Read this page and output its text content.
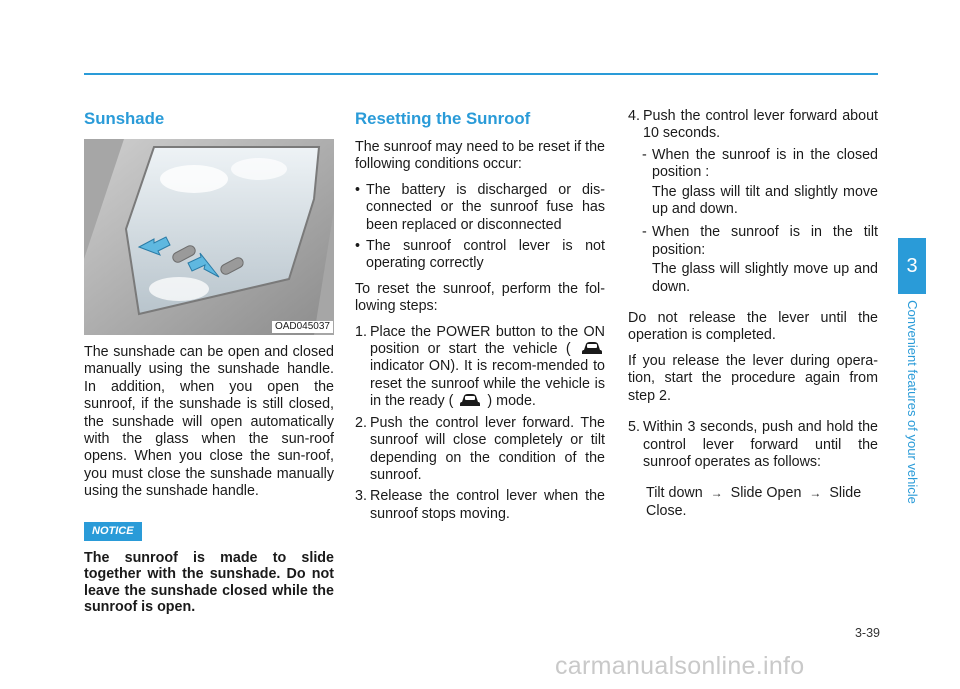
Sunshade
OAD045037

The sunshade can be open and closed manually using the sunshade handle. In addition, when you open the sunroof, if the sunshade is still closed, the sunshade will open automatically with the glass when the sun-roof opens. When you close the sun-roof, you must close the sunshade manually using the sunshade handle.

NOTICE
The sunroof is made to slide together with the sunshade. Do not leave the sunshade closed while the sunroof is open.
Resetting the Sunroof

The sunroof may need to be reset if the following conditions occur:

• The battery is discharged or dis-connected or the sunroof fuse has been replaced or disconnected
• The sunroof control lever is not operating correctly

To reset the sunroof, perform the fol-lowing steps:

1. Place the POWER button to the ON position or start the vehicle (  indicator ON). It is recom-mended to reset the sunroof while the vehicle is in the ready ( ) mode.
2. Push the control lever forward. The sunroof will close completely or tilt depending on the condition of the sunroof.
3. Release the control lever when the sunroof stops moving.
4. Push the control lever forward about 10 seconds.
- When the sunroof is in the closed position :
The glass will tilt and slightly move up and down.
- When the sunroof is in the tilt position:
The glass will slightly move up and down.

Do not release the lever until the operation is completed.

If you release the lever during opera-tion, start the procedure again from step 2.

5. Within 3 seconds, push and hold the control lever forward until the sunroof operates as follows:
Tilt down → Slide Open → Slide Close.
3
Convenient features of your vehicle
3-39
carmanualsonline.info
